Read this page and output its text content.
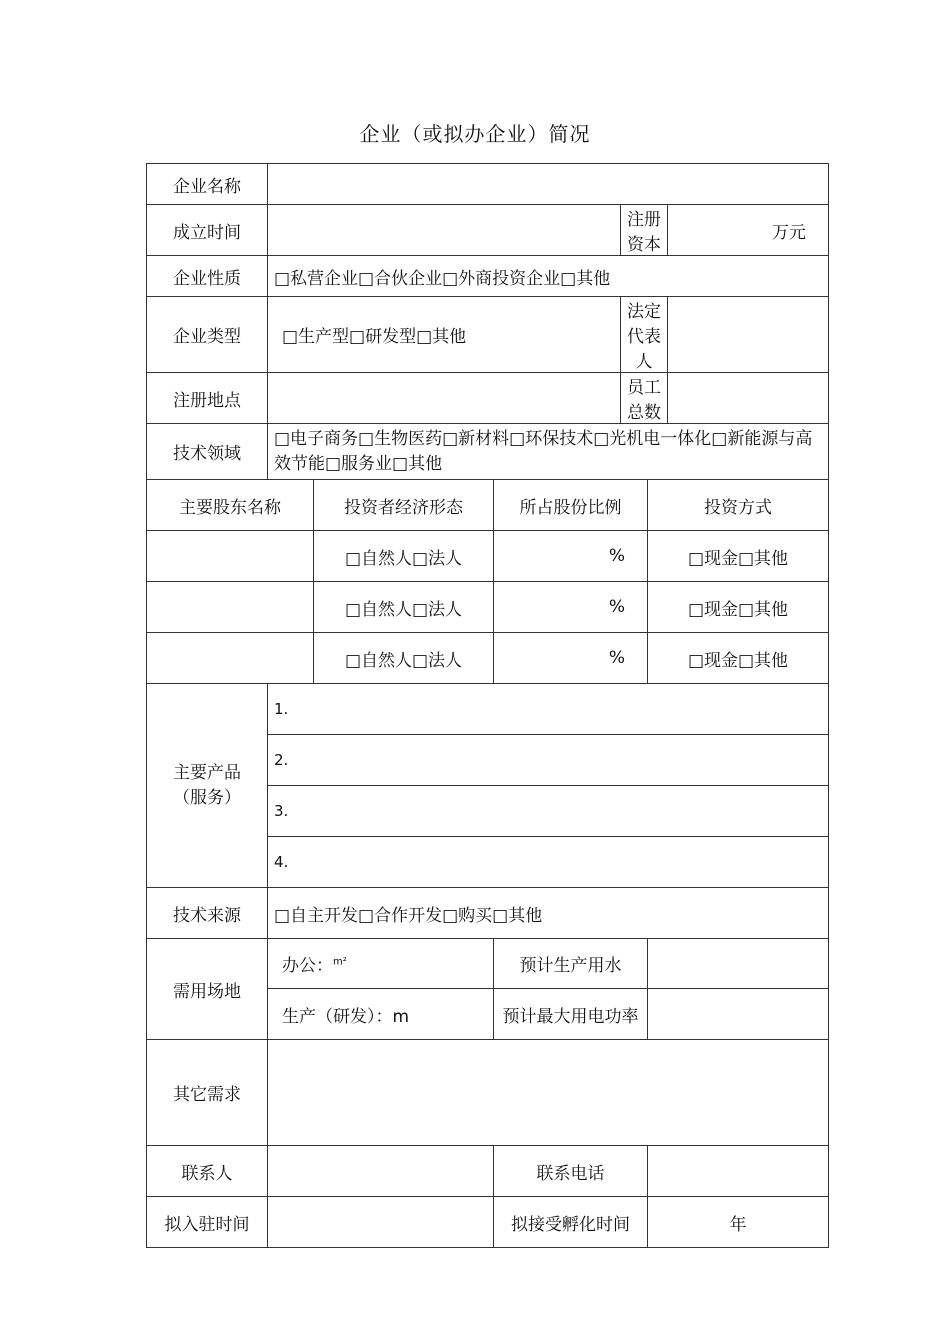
企业（或拟办企业）简况
企业名称						
成立时间				注册资本		万元
企业性质	□私营企业□合伙企业□外商投资企业□其他					
企业类型	□生产型□研发型□其他			法定代表人		
注册地点				员工总数		
技术领域	□电子商务□生物医药□新材料□环保技术□光机电一体化□新能源与高效节能□服务业□其他					
主要股东名称		投资者经济形态	所占股份比例		投资方式	
		□自然人□法人	%		□现金□其他	
		□自然人□法人	%		□现金□其他	
		□自然人□法人	%		□现金□其他	
主要产品（服务）	1.					
	2.					
	3.					
	4.					
技术来源	□自主开发□合作开发□购买□其他					
需用场地	办公：$^{m^2}$		预计生产用水			
	生产（研发）：m		预计最大用电功率			
其它需求						
联系人			联系电话			
拟入驻时间			拟接受孵化时间		年	
